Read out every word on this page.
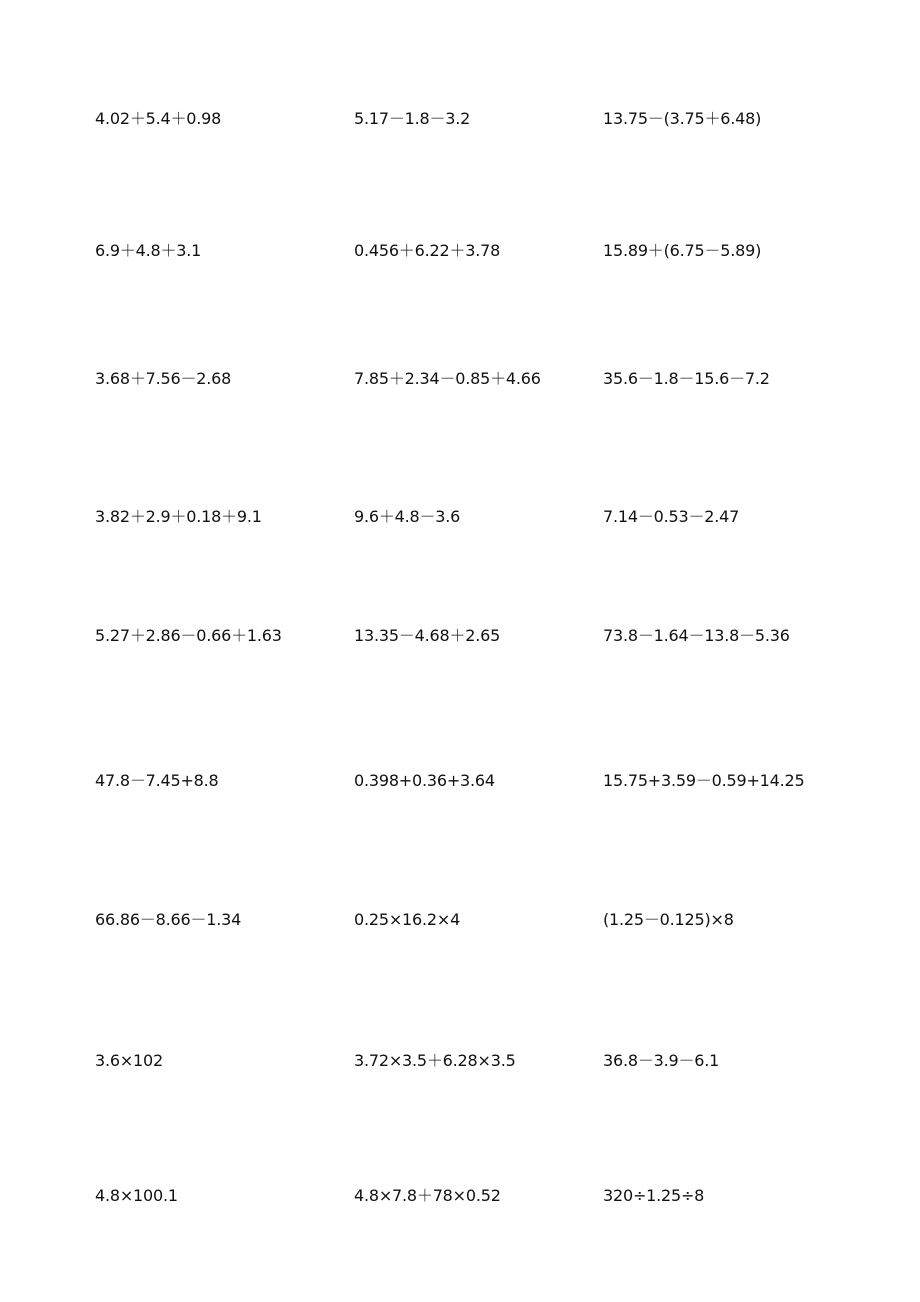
4.02＋5.4＋0.98	5.17－1.8－3.2	13.75－(3.75＋6.48)
6.9＋4.8＋3.1	0.456＋6.22＋3.78	15.89＋(6.75－5.89)
3.68＋7.56－2.68	7.85＋2.34－0.85＋4.66	35.6－1.8－15.6－7.2
3.82＋2.9＋0.18＋9.1	9.6＋4.8－3.6	7.14－0.53－2.47
5.27＋2.86－0.66＋1.63	13.35－4.68＋2.65	73.8－1.64－13.8－5.36
47.8－7.45+8.8	0.398+0.36+3.64	15.75+3.59－0.59+14.25
66.86－8.66－1.34	0.25×16.2×4	(1.25－0.125)×8
3.6×102	3.72×3.5＋6.28×3.5	36.8－3.9－6.1
4.8×100.1	4.8×7.8＋78×0.52	320÷1.25÷8
